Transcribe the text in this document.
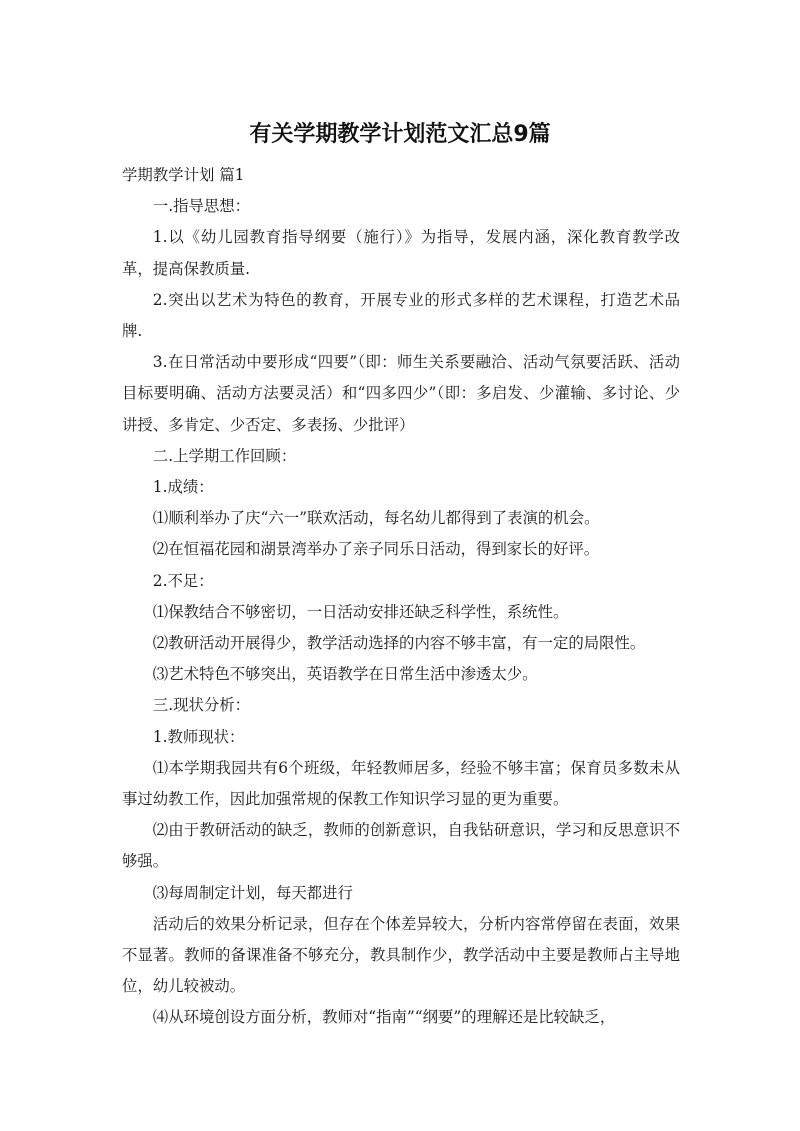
有关学期教学计划范文汇总9篇

学期教学计划 篇1

一.指导思想：

1.以《幼儿园教育指导纲要（施行）》为指导，发展内涵，深化教育教学改革，提高保教质量.

2.突出以艺术为特色的教育，开展专业的形式多样的艺术课程，打造艺术品牌.

3.在日常活动中要形成“四要”（即：师生关系要融洽、活动气氛要活跃、活动目标要明确、活动方法要灵活）和“四多四少”（即：多启发、少灌输、多讨论、少讲授、多肯定、少否定、多表扬、少批评）

二.上学期工作回顾：

1.成绩：

⑴顺利举办了庆“六一”联欢活动，每名幼儿都得到了表演的机会。

⑵在恒福花园和湖景湾举办了亲子同乐日活动，得到家长的好评。

2.不足：

⑴保教结合不够密切，一日活动安排还缺乏科学性，系统性。

⑵教研活动开展得少，教学活动选择的内容不够丰富，有一定的局限性。

⑶艺术特色不够突出，英语教学在日常生活中渗透太少。

三.现状分析：

1.教师现状：

⑴本学期我园共有6个班级，年轻教师居多，经验不够丰富；保育员多数未从事过幼教工作，因此加强常规的保教工作知识学习显的更为重要。

⑵由于教研活动的缺乏，教师的创新意识，自我钻研意识，学习和反思意识不够强。

⑶每周制定计划，每天都进行

活动后的效果分析记录，但存在个体差异较大，分析内容常停留在表面，效果不显著。教师的备课准备不够充分，教具制作少，教学活动中主要是教师占主导地位，幼儿较被动。

⑷从环境创设方面分析，教师对“指南”“纲要”的理解还是比较缺乏，
